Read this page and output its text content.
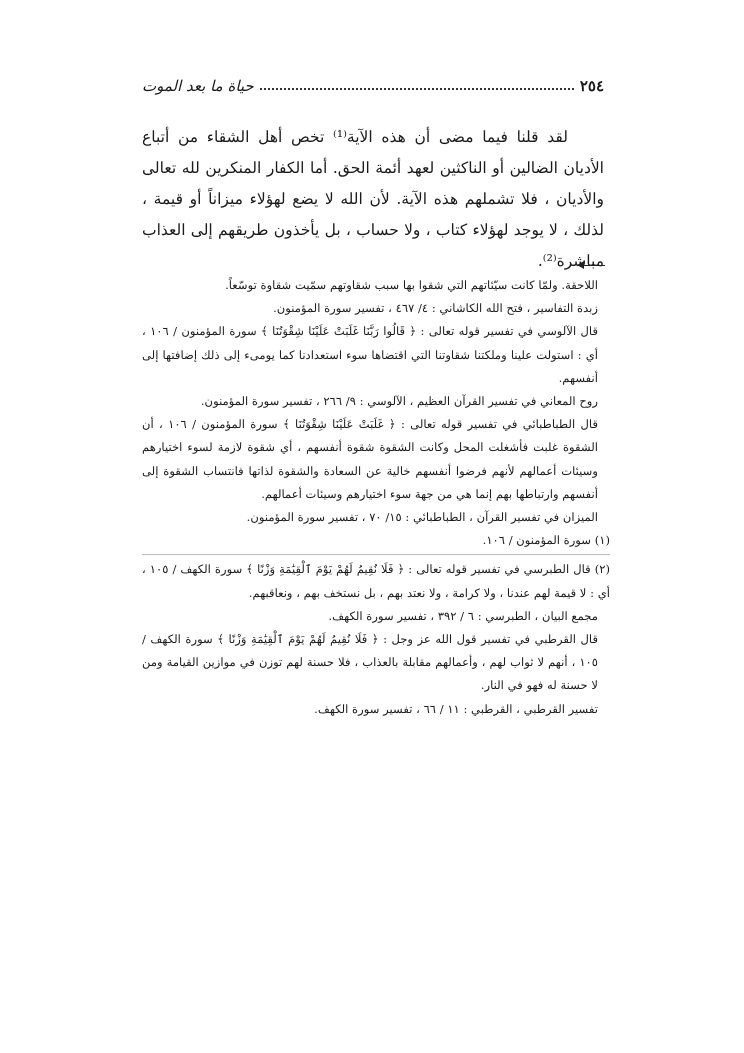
٢٥٤
حياة ما بعد الموت

لقد قلنا فيما مضى أن هذه الآية⁽¹⁾ تخص أهل الشقاء من أتباع الأديان الضالين أو الناكثين لعهد أئمة الحق. أما الكفار المنكرين لله تعالى والأديان ، فلا تشملهم هذه الآية. لأن الله لا يضع لهؤلاء ميزاناً أو قيمة ، لذلك ، لا يوجد لهؤلاء كتاب ، ولا حساب ، بل يأخذون طريقهم إلى العذاب مباشرة⁽²⁾.

اللاحقة. ولمّا كانت سيّئاتهم التي شقوا بها سبب شقاوتهم سمّيت شقاوة توسّعاً.

زبدة التفاسير ، فتح الله الكاشاني : ٤/ ٤٦٧ ، تفسير سورة المؤمنون.

قال الآلوسي في تفسير قوله تعالى : ﴿ قَالُوا رَبَّنَا غَلَبَتْ عَلَيْنَا شِقْوَتُنَا ﴾ سورة المؤمنون / ١٠٦ ، أي : استولت علينا وملكتنا شقاوتنا التي اقتضاها سوء استعدادنا كما يومىء إلى ذلك إضافتها إلى أنفسهم.

روح المعاني في تفسير القرآن العظيم ، الآلوسي : ٩/ ٢٦٦ ، تفسير سورة المؤمنون.

قال الطباطبائي في تفسير قوله تعالى : ﴿ غَلَبَتْ عَلَيْنَا شِقْوَتُنَا ﴾ سورة المؤمنون / ١٠٦ ، أن الشقوة غلبت فأشغلت المحل وكانت الشقوة شقوة أنفسهم ، أي شقوة لازمة لسوء اختيارهم وسيئات أعمالهم لأنهم فرضوا أنفسهم خالية عن السعادة والشقوة لذاتها فانتساب الشقوة إلى أنفسهم وارتباطها بهم إنما هي من جهة سوء اختيارهم وسيئات أعمالهم.

الميزان في تفسير القرآن ، الطباطبائي : ١٥/ ٧٠ ، تفسير سورة المؤمنون.

(١) سورة المؤمنون / ١٠٦.

(٢) قال الطبرسي في تفسير قوله تعالى : ﴿ فَلَا نُقِيمُ لَهُمْ يَوْمَ ٱلْقِيَٰمَةِ وَزْنًا ﴾ سورة الكهف / ١٠٥ ، أي : لا قيمة لهم عندنا ، ولا كرامة ، ولا نعتد بهم ، بل نستخف بهم ، ونعاقبهم.

مجمع البيان ، الطبرسي : ٦ / ٣٩٢ ، تفسير سورة الكهف.

قال القرطبي في تفسير قول الله عز وجل : ﴿ فَلَا نُقِيمُ لَهُمْ يَوْمَ ٱلْقِيَٰمَةِ وَزْنًا ﴾ سورة الكهف / ١٠٥ ، أنهم لا ثواب لهم ، وأعمالهم مقابلة بالعذاب ، فلا حسنة لهم توزن في موازين القيامة ومن لا حسنة له فهو في النار.

تفسير القرطبي ، القرطبي : ١١ / ٦٦ ، تفسير سورة الكهف.
